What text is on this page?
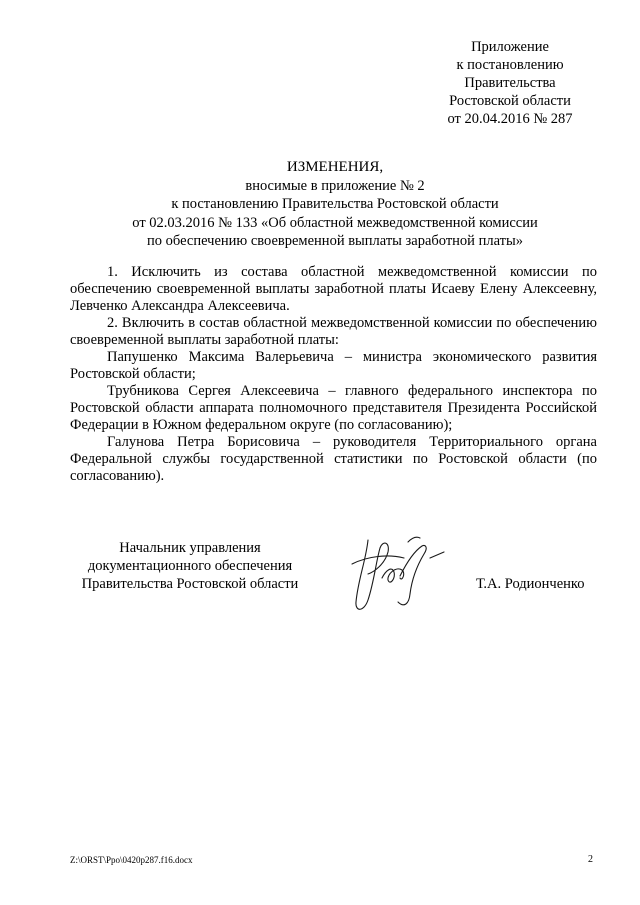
Приложение
к постановлению
Правительства
Ростовской области
от 20.04.2016 № 287
ИЗМЕНЕНИЯ,
вносимые в приложение № 2
к постановлению Правительства Ростовской области
от 02.03.2016 № 133 «Об областной межведомственной комиссии
по обеспечению своевременной выплаты заработной платы»

1. Исключить из состава областной межведомственной комиссии по обеспечению своевременной выплаты заработной платы Исаеву Елену Алексеевну, Левченко Александра Алексеевича.

2. Включить в состав областной межведомственной комиссии по обеспечению своевременной выплаты заработной платы:

Папушенко Максима Валерьевича – министра экономического развития Ростовской области;

Трубникова Сергея Алексеевича – главного федерального инспектора по Ростовской области аппарата полномочного представителя Президента Российской Федерации в Южном федеральном округе (по согласованию);

Галунова Петра Борисовича – руководителя Территориального органа Федеральной службы государственной статистики по Ростовской области (по согласованию).

Начальник управления
документационного обеспечения
Правительства Ростовской области	Т.А. Родионченко
Z:\ORST\Ppo\0420p287.f16.docx	2
